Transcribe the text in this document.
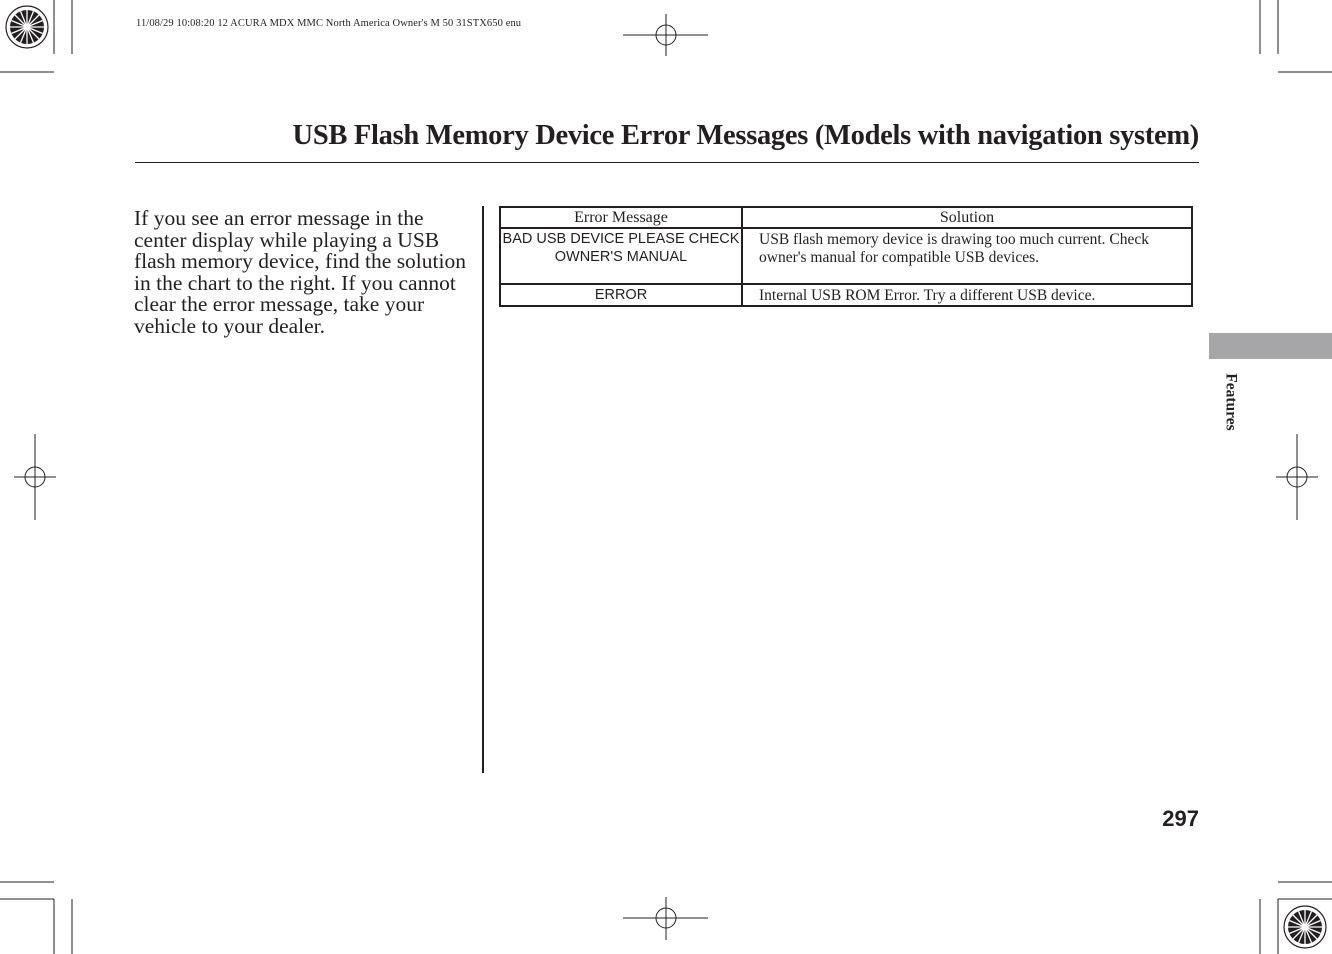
11/08/29 10:08:20 12 ACURA MDX MMC North America Owner's M 50 31STX650 enu
USB Flash Memory Device Error Messages (Models with navigation system)

If you see an error message in the center display while playing a USB flash memory device, find the solution in the chart to the right. If you cannot clear the error message, take your vehicle to your dealer.

Error Message	Solution
BAD USB DEVICE PLEASE CHECK OWNER'S MANUAL	USB flash memory device is drawing too much current. Check owner's manual for compatible USB devices.
ERROR	Internal USB ROM Error. Try a different USB device.
Features
297
